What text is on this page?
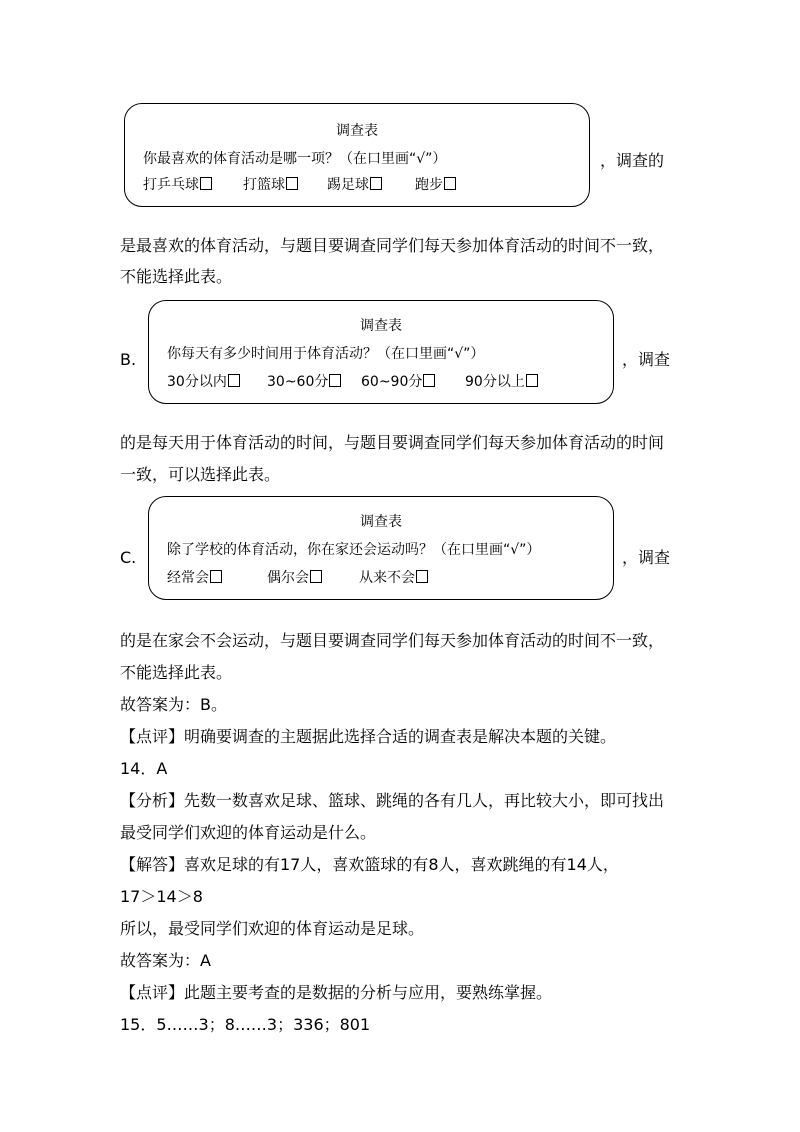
调查表
你最喜欢的体育活动是哪一项？（在口里画“√”）
打乒乓球	打篮球	踢足球	跑步
，调查的
是最喜欢的体育活动，与题目要调查同学们每天参加体育活动的时间不一致，
不能选择此表。
B.
调查表
你每天有多少时间用于体育活动？（在口里画“√”）
30分以内	30~60分	60~90分	90分以上
，调查
的是每天用于体育活动的时间，与题目要调查同学们每天参加体育活动的时间
一致，可以选择此表。
C.
调查表
除了学校的体育活动，你在家还会运动吗？（在口里画“√”）
经常会	偶尔会	从来不会
，调查
的是在家会不会运动，与题目要调查同学们每天参加体育活动的时间不一致，
不能选择此表。
故答案为：B。
【点评】明确要调查的主题据此选择合适的调查表是解决本题的关键。
14．A
【分析】先数一数喜欢足球、篮球、跳绳的各有几人，再比较大小，即可找出
最受同学们欢迎的体育运动是什么。
【解答】喜欢足球的有17人，喜欢篮球的有8人，喜欢跳绳的有14人，
17＞14＞8
所以，最受同学们欢迎的体育运动是足球。
故答案为：A
【点评】此题主要考查的是数据的分析与应用，要熟练掌握。
15．5……3；8……3；336；801
